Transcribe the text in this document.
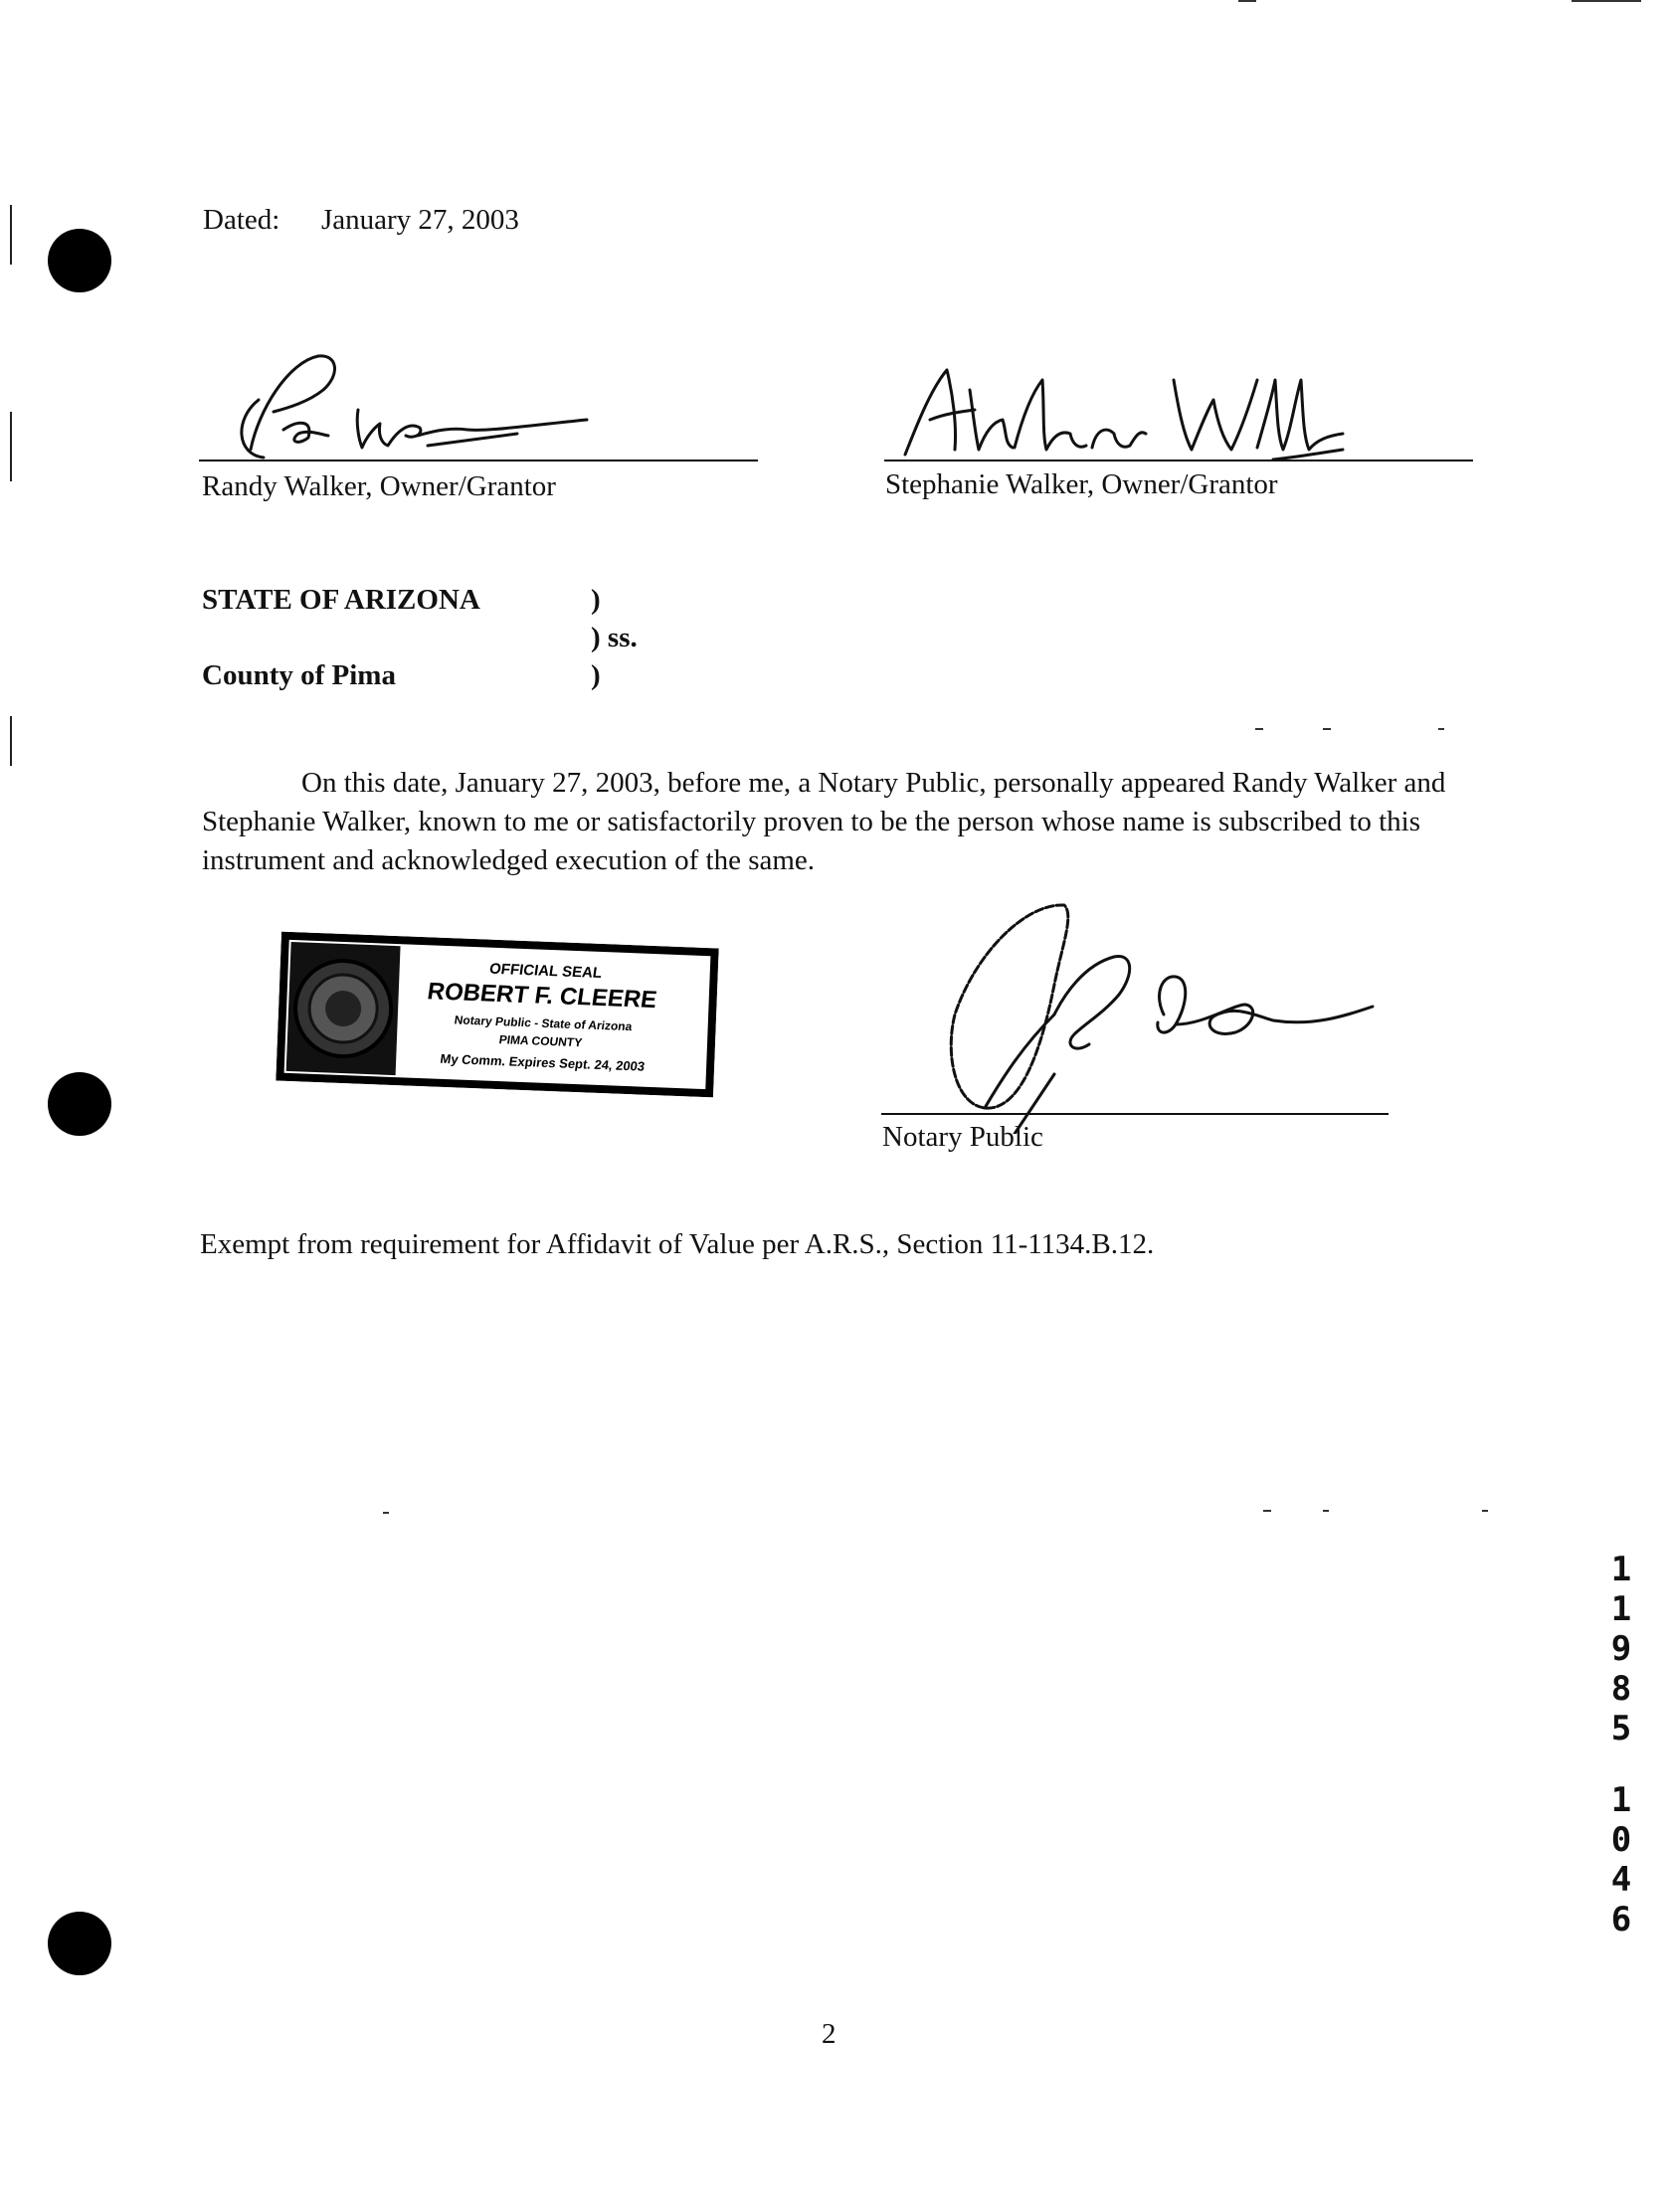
Dated: January 27, 2003
Randy Walker, Owner/Grantor	Stephanie Walker, Owner/Grantor
STATE OF ARIZONA	)
) ss.
County of Pima	)
On this date, January 27, 2003, before me, a Notary Public, personally appeared Randy Walker and Stephanie Walker, known to me or satisfactorily proven to be the person whose name is subscribed to this instrument and acknowledged execution of the same.
OFFICIAL SEAL
ROBERT F. CLEERE
Notary Public - State of Arizona
PIMA COUNTY
My Comm. Expires Sept. 24, 2003
Notary Public
Exempt from requirement for Affidavit of Value per A.R.S., Section 11-1134.B.12.
2
1
1
9
8
5
1
0
4
6
